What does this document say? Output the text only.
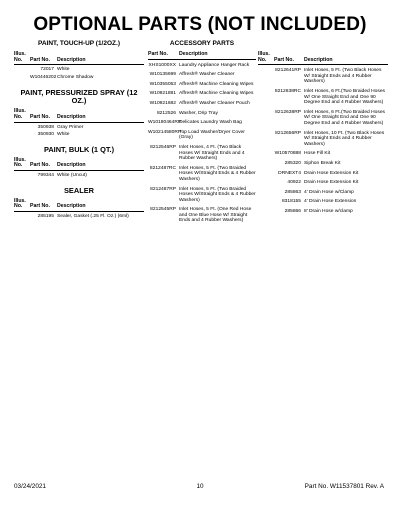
OPTIONAL PARTS (NOT INCLUDED)
PAINT, TOUCH-UP (1/2OZ.)
Illus. No.	Part No.	Description
72017 White
W10446202 Chrome Shadow
PAINT, PRESSURIZED SPRAY (12 OZ.)
Illus. No.	Part No.	Description
350938 Gray Primer
350930 White
PAINT, BULK (1 QT.)
Illus. No.	Part No.	Description
799344 White (Uncut)
SEALER
Illus. No.	Part No.	Description
285195 Sealer, Gasket (.25 Fl. Oz.) (6ml)
ACCESSORY PARTS
Part No.	Description
XHS1000XX Laundry Appliance Hanger Rack
W10135699 Affresh® Washer Cleaner
W10355053 Affresh® Machine Cleaning Wipes
W10921881 Affresh® Machine Cleaning Wipes
W10921682 Affresh® Washer Cleaner Pouch
8212526 Washer, Drip Tray
W10180464RP
Delicates Laundry Wash Bag
W10214580RP
Top Load Washer/Dryer Cover (Gray)
8212546RP Inlet Hoses, 4 Ft. (Two Black Hoses W/ Straight Ends and 4 Rubber Washers)
8212487RC Inlet Hoses, 5 Ft. (Two Braided Hoses W/Straight Ends & 4 Rubber Washers)
8212487RP Inlet Hoses, 5 Ft. (Two Braided Hoses W/Straight Ends & 4 Rubber Washers)
8212545RP Inlet Hoses, 5 Ft. (One Red Hose and One Blue Hose W/ Straight Ends and 4 Rubber Washers)

Illus. No.	Part No.	Description
8212641RP Inlet Hoses, 5 Ft. (Two Black Hoses W/ Straight Ends and 4 Rubber Washers)
8212638RC Inlet Hoses, 6 Ft.(Two Braided Hoses W/ One Straight End and One 90 Degree End and 4 Rubber Washers)
8212638RP Inlet Hoses, 6 Ft.(Two Braided Hoses W/ One Straight End and One 90 Degree End and 4 Rubber Washers)
8212656RP Inlet Hoses, 10 Ft. (Two Black Hoses W/ Straight Ends and 4 Rubber Washers)
W10570888 Hose Fill Kit
285320 Siphon Break Kit
DRNEXT4 Drain Hose Extension Kit
40922 Drain Hose Extension Kit
285863 4' Drain Hose w/Clamp
8318155 4' Drain Hose Extension
285866 8' Drain Hose w/clamp
03/24/2021	10	Part No. W11537801 Rev. A
